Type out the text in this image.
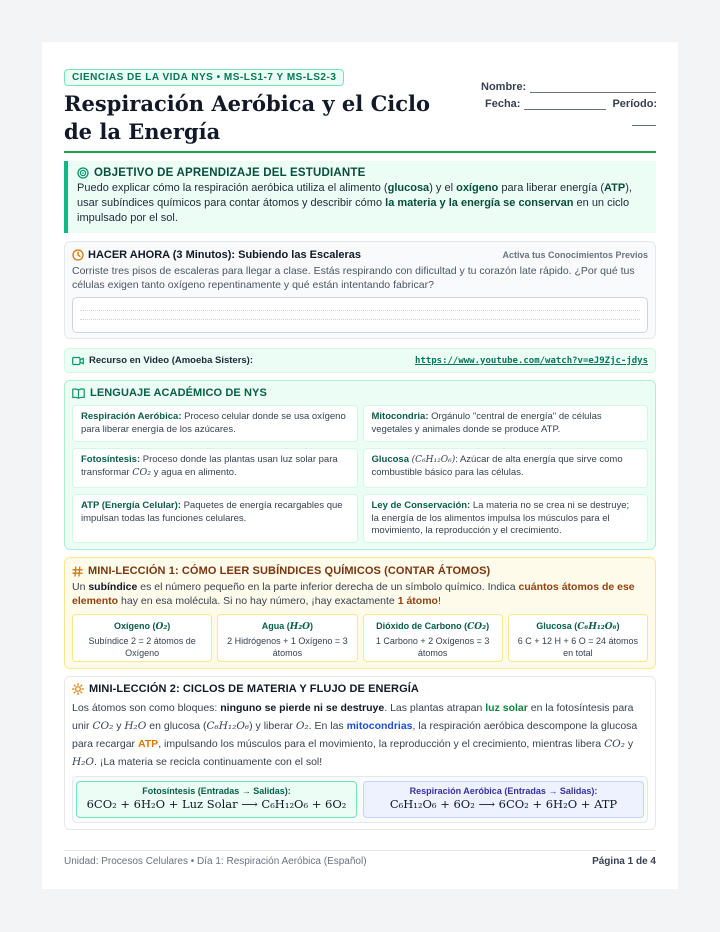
CIENCIAS DE LA VIDA NYS • MS-LS1-7 Y MS-LS2-3
Respiración Aeróbica y el Ciclo de la Energía
Nombre:
Fecha:	Período:
OBJETIVO DE APRENDIZAJE DEL ESTUDIANTE
Puedo explicar cómo la respiración aeróbica utiliza el alimento (glucosa) y el oxígeno para liberar energía (ATP), usar subíndices químicos para contar átomos y describir cómo la materia y la energía se conservan en un ciclo impulsado por el sol.
HACER AHORA (3 Minutos): Subiendo las Escaleras	Activa tus Conocimientos Previos
Corriste tres pisos de escaleras para llegar a clase. Estás respirando con dificultad y tu corazón late rápido. ¿Por qué tus células exigen tanto oxígeno repentinamente y qué están intentando fabricar?
Recurso en Video (Amoeba Sisters):	https://www.youtube.com/watch?v=eJ9Zjc-jdys
LENGUAJE ACADÉMICO DE NYS
Respiración Aeróbica: Proceso celular donde se usa oxígeno para liberar energía de los azúcares.
Mitocondria: Orgánulo "central de energía" de células vegetales y animales donde se produce ATP.
Fotosíntesis: Proceso donde las plantas usan luz solar para transformar CO₂ y agua en alimento.
Glucosa (C₆H₁₂O₆): Azúcar de alta energía que sirve como combustible básico para las células.
ATP (Energía Celular): Paquetes de energía recargables que impulsan todas las funciones celulares.
Ley de Conservación: La materia no se crea ni se destruye; la energía de los alimentos impulsa los músculos para el movimiento, la reproducción y el crecimiento.
MINI-LECCIÓN 1: CÓMO LEER SUBÍNDICES QUÍMICOS (CONTAR ÁTOMOS)
Un subíndice es el número pequeño en la parte inferior derecha de un símbolo químico. Indica cuántos átomos de ese elemento hay en esa molécula. Si no hay número, ¡hay exactamente 1 átomo!
Oxígeno (O₂)
Subíndice 2 = 2 átomos de Oxígeno
Agua (H₂O)
2 Hidrógenos + 1 Oxígeno = 3 átomos
Dióxido de Carbono (CO₂)
1 Carbono + 2 Oxígenos = 3 átomos
Glucosa (C₆H₁₂O₆)
6 C + 12 H + 6 O = 24 átomos en total
MINI-LECCIÓN 2: CICLOS DE MATERIA Y FLUJO DE ENERGÍA
Los átomos son como bloques: ninguno se pierde ni se destruye. Las plantas atrapan luz solar en la fotosíntesis para unir CO₂ y H₂O en glucosa (C₆H₁₂O₆) y liberar O₂. En las mitocondrias, la respiración aeróbica descompone la glucosa para recargar ATP, impulsando los músculos para el movimiento, la reproducción y el crecimiento, mientras libera CO₂ y H₂O. ¡La materia se recicla continuamente con el sol!
Fotosíntesis (Entradas → Salidas):
6CO₂ + 6H₂O + Luz Solar ⟶ C₆H₁₂O₆ + 6O₂
Respiración Aeróbica (Entradas → Salidas):
C₆H₁₂O₆ + 6O₂ ⟶ 6CO₂ + 6H₂O + ATP
Unidad: Procesos Celulares • Día 1: Respiración Aeróbica (Español)	Página 1 de 4
